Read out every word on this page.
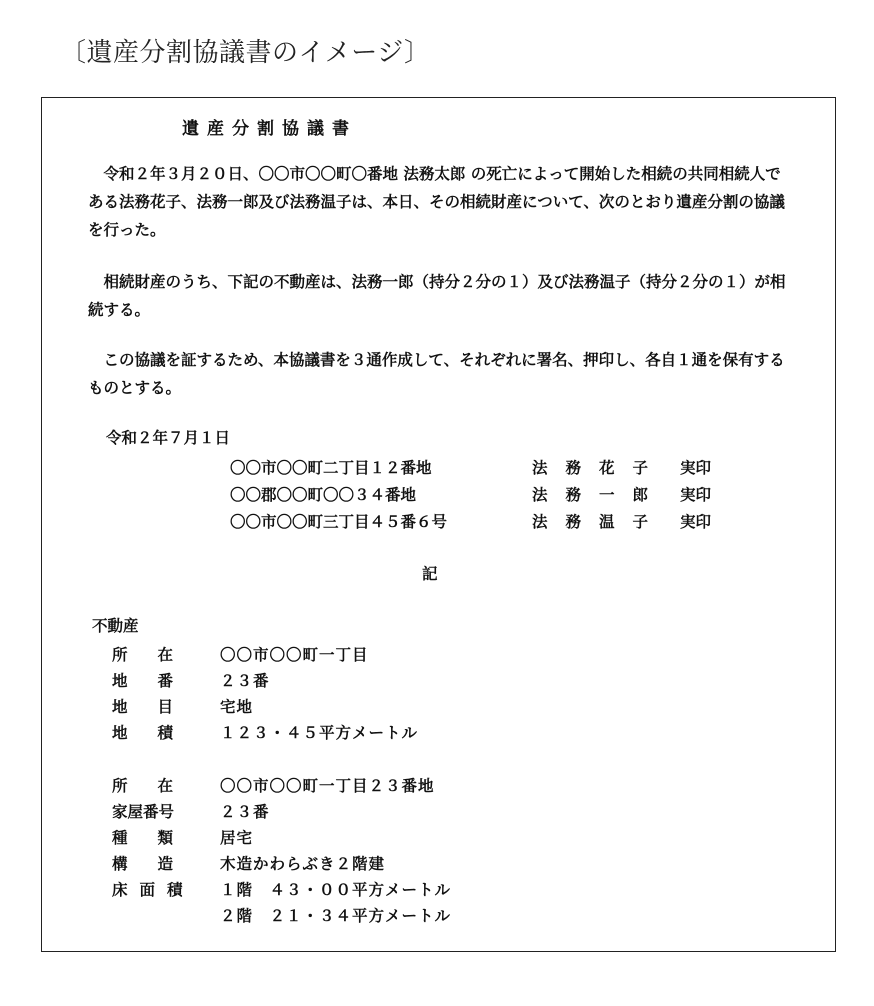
〔遺産分割協議書のイメージ〕
遺産分割協議書
令和２年３月２０日、〇〇市〇〇町〇番地 法務太郎 の死亡によって開始した相続の共同相続人である法務花子、法務一郎及び法務温子は、本日、その相続財産について、次のとおり遺産分割の協議を行った。
相続財産のうち、下記の不動産は、法務一郎（持分２分の１）及び法務温子（持分２分の１）が相続する。
この協議を証するため、本協議書を３通作成して、それぞれに署名、押印し、各自１通を保有するものとする。
令和２年７月１日
〇〇市〇〇町二丁目１２番地	法務花子 実印
〇〇郡〇〇町〇〇３４番地	法務一郎 実印
〇〇市〇〇町三丁目４５番６号	法務温子 実印
記
不動産
所在 〇〇市〇〇町一丁目
地番 ２３番
地目 宅地
地積 １２３・４５平方メートル
所在 〇〇市〇〇町一丁目２３番地
家屋番号	２３番
種類 居宅
構造 木造かわらぶき２階建
床面積 １階　４３・００平方メートル
２階　２１・３４平方メートル
